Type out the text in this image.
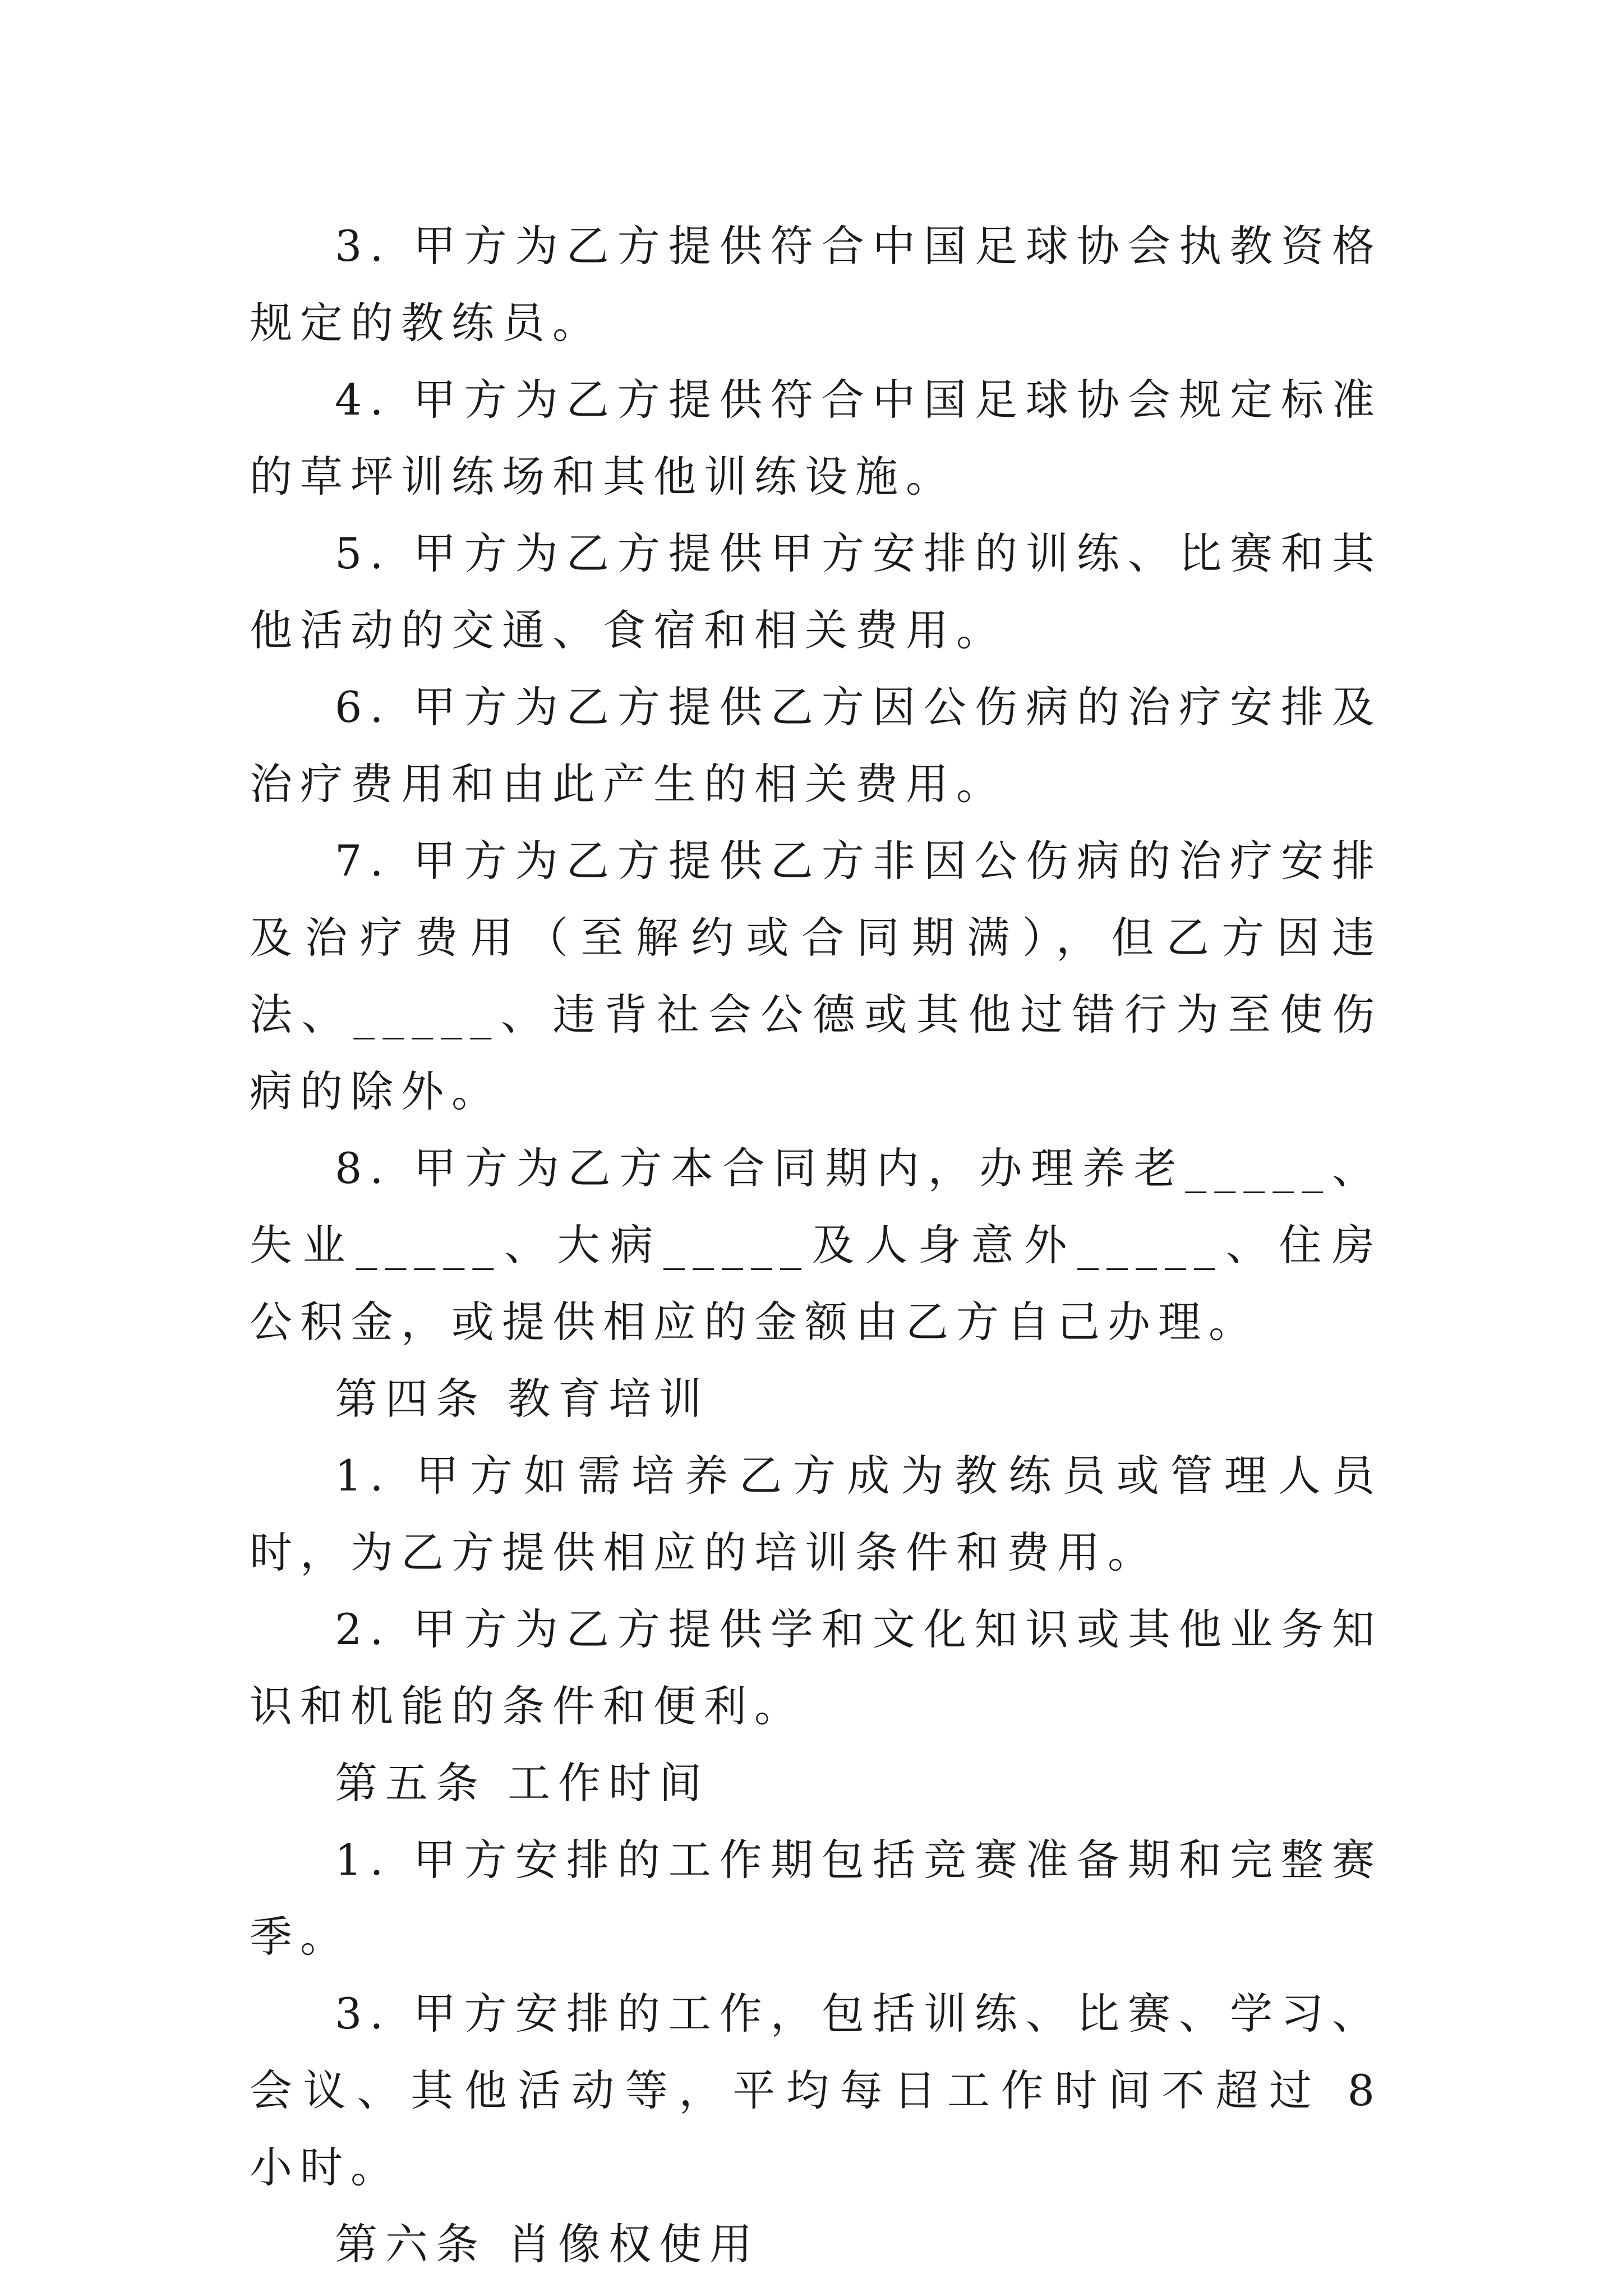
3. 甲方为乙方提供符合中国足球协会执教资格规定的教练员。

4. 甲方为乙方提供符合中国足球协会规定标准的草坪训练场和其他训练设施。

5. 甲方为乙方提供甲方安排的训练、比赛和其他活动的交通、食宿和相关费用。

6. 甲方为乙方提供乙方因公伤病的治疗安排及治疗费用和由此产生的相关费用。

7. 甲方为乙方提供乙方非因公伤病的治疗安排及治疗费用（至解约或合同期满），但乙方因违法、_____、违背社会公德或其他过错行为至使伤病的除外。

8. 甲方为乙方本合同期内，办理养老_____、失业_____、大病_____及人身意外_____、住房公积金，或提供相应的金额由乙方自己办理。

第四条 教育培训

1. 甲方如需培养乙方成为教练员或管理人员时，为乙方提供相应的培训条件和费用。

2. 甲方为乙方提供学和文化知识或其他业务知识和机能的条件和便利。

第五条 工作时间

1. 甲方安排的工作期包括竞赛准备期和完整赛季。

3. 甲方安排的工作，包括训练、比赛、学习、会议、其他活动等，平均每日工作时间不超过 8 小时。

第六条 肖像权使用
